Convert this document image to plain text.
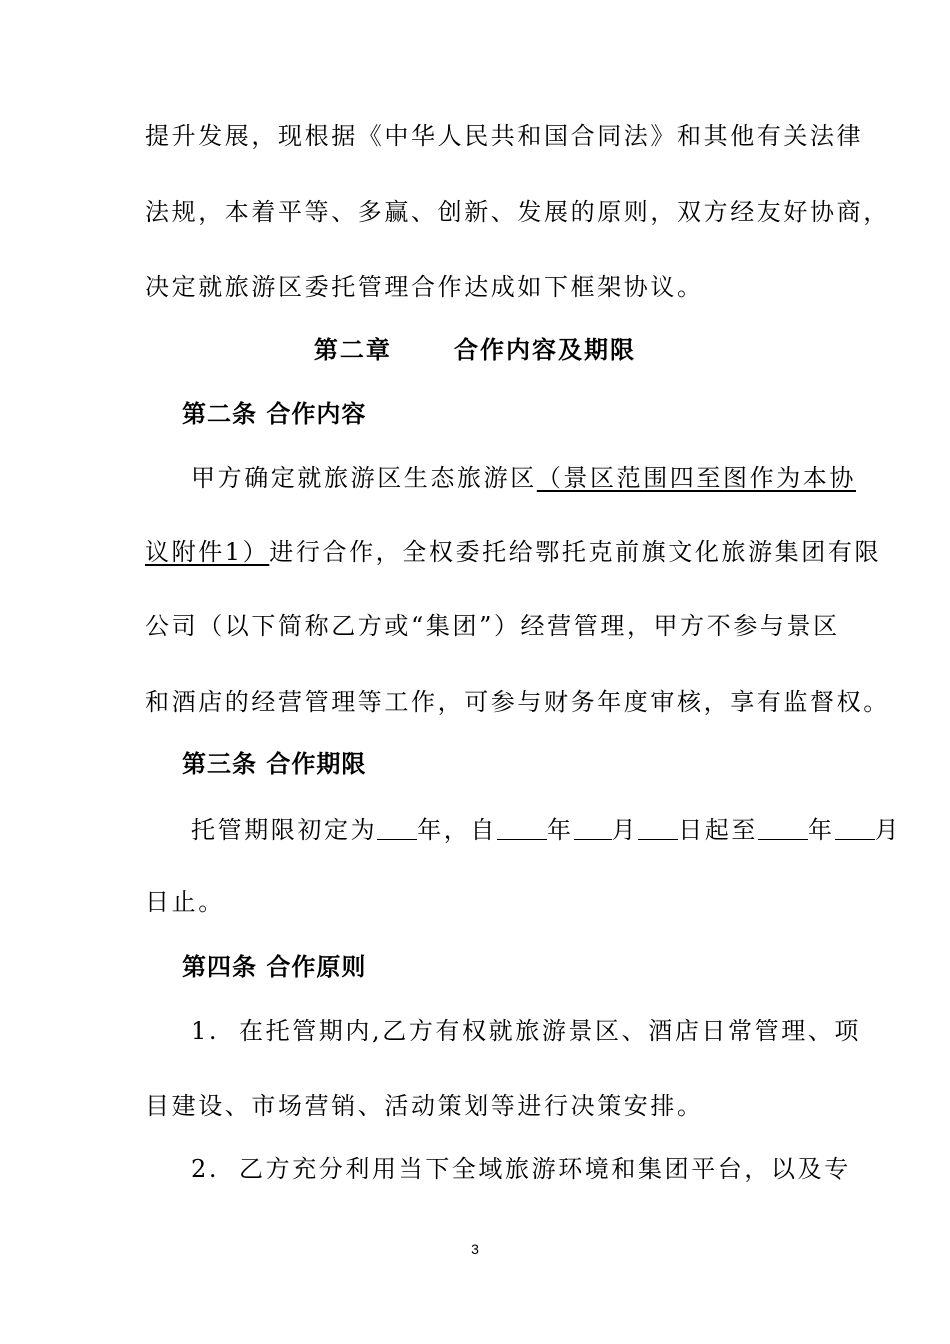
提升发展，现根据《中华人民共和国合同法》和其他有关法律
法规，本着平等、多赢、创新、发展的原则，双方经友好协商，
决定就旅游区委托管理合作达成如下框架协议。
第二章      合作内容及期限
第二条 合作内容
甲方确定就旅游区生态旅游区（景区范围四至图作为本协
议附件1）进行合作，全权委托给鄂托克前旗文化旅游集团有限
公司（以下简称乙方或“集团”）经营管理，甲方不参与景区
和酒店的经营管理等工作，可参与财务年度审核，享有监督权。
第三条 合作期限
托管期限初定为 年，自 年 月 日起至 年 月
日止。
第四条 合作原则
1. 在托管期内,乙方有权就旅游景区、酒店日常管理、项
目建设、市场营销、活动策划等进行决策安排。
2. 乙方充分利用当下全域旅游环境和集团平台，以及专
3
